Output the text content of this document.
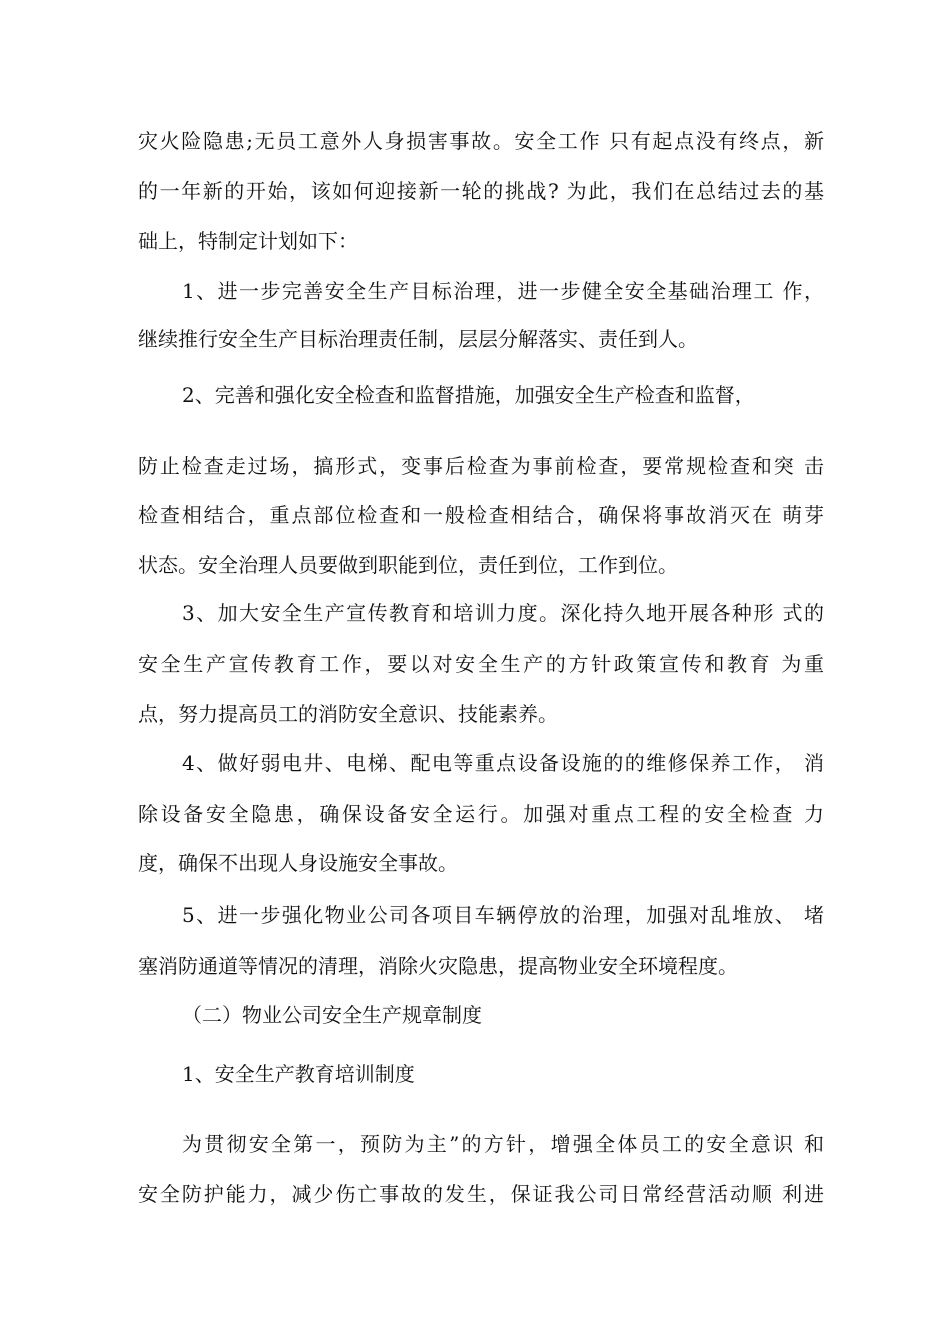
灾火险隐患;无员工意外人身损害事故。安全工作 只有起点没有终点，新
的一年新的开始，该如何迎接新一轮的挑战? 为此，我们在总结过去的基
础上，特制定计划如下：
1、进一步完善安全生产目标治理，进一步健全安全基础治理工 作，
继续推行安全生产目标治理责任制，层层分解落实、责任到人。
2、完善和强化安全检查和监督措施，加强安全生产检查和监督，
防止检查走过场，搞形式，变事后检查为事前检查，要常规检查和突 击
检查相结合，重点部位检查和一般检查相结合，确保将事故消灭在 萌芽
状态。安全治理人员要做到职能到位，责任到位，工作到位。
3、加大安全生产宣传教育和培训力度。深化持久地开展各种形 式的
安全生产宣传教育工作，要以对安全生产的方针政策宣传和教育 为重
点，努力提高员工的消防安全意识、技能素养。
4、做好弱电井、电梯、配电等重点设备设施的的维修保养工作， 消
除设备安全隐患，确保设备安全运行。加强对重点工程的安全检查 力
度，确保不出现人身设施安全事故。
5、进一步强化物业公司各项目车辆停放的治理，加强对乱堆放、 堵
塞消防通道等情况的清理，消除火灾隐患，提高物业安全环境程度。
（二）物业公司安全生产规章制度
1、安全生产教育培训制度
为贯彻安全第一，预防为主”的方针，增强全体员工的安全意识 和
安全防护能力，减少伤亡事故的发生，保证我公司日常经营活动顺 利进
